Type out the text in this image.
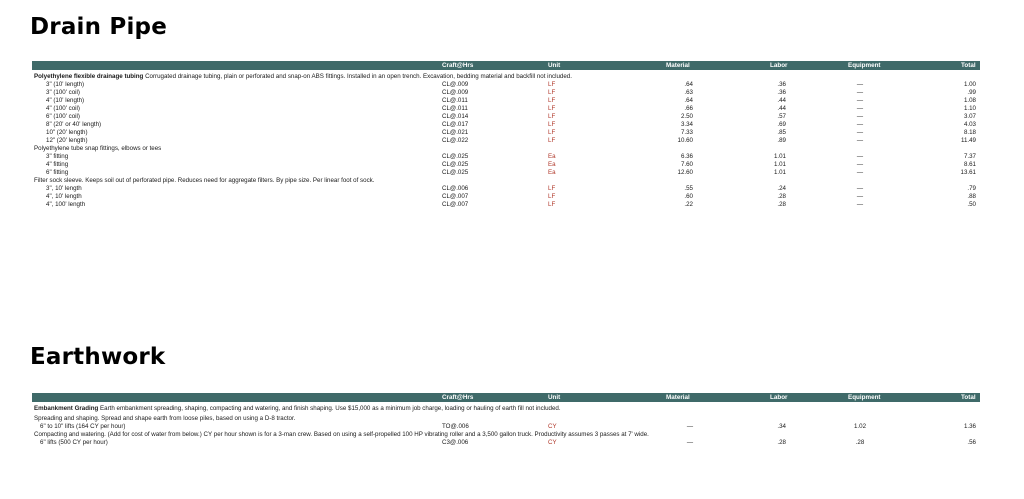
Drain Pipe
Craft@Hrs	Unit	Material	Labor	Equipment	Total
Polyethylene flexible drainage tubing Corrugated drainage tubing, plain or perforated and snap-on ABS fittings. Installed in an open trench. Excavation, bedding material and backfill not included.
3" (10' length)	CL@.009	LF	.64	.36	—	1.00
3" (100' coil)	CL@.009	LF	.63	.36	—	.99
4" (10' length)	CL@.011	LF	.64	.44	—	1.08
4" (100' coil)	CL@.011	LF	.66	.44	—	1.10
6" (100' coil)	CL@.014	LF	2.50	.57	—	3.07
8" (20' or 40' length)	CL@.017	LF	3.34	.69	—	4.03
10" (20' length)	CL@.021	LF	7.33	.85	—	8.18
12" (20' length)	CL@.022	LF	10.60	.89	—	11.49
Polyethylene tube snap fittings, elbows or tees
3" fitting	CL@.025	Ea	6.36	1.01	—	7.37
4" fitting	CL@.025	Ea	7.60	1.01	—	8.61
6" fitting	CL@.025	Ea	12.60	1.01	—	13.61
Filter sock sleeve. Keeps soil out of perforated pipe. Reduces need for aggregate filters. By pipe size. Per linear foot of sock.
3", 10' length	CL@.006	LF	.55	.24	—	.79
4", 10' length	CL@.007	LF	.60	.28	—	.88
4", 100' length	CL@.007	LF	.22	.28	—	.50
Earthwork
Craft@Hrs	Unit	Material	Labor	Equipment	Total
Embankment Grading Earth embankment spreading, shaping, compacting and watering, and finish shaping. Use $15,000 as a minimum job charge, loading or hauling of earth fill not included.
Spreading and shaping. Spread and shape earth from loose piles, based on using a D-8 tractor.
6" to 10" lifts (164 CY per hour)	TO@.006	CY	—	.34	1.02	1.36
Compacting and watering. (Add for cost of water from below.) CY per hour shown is for a 3-man crew. Based on using a self-propelled 100 HP vibrating roller and a 3,500 gallon truck. Productivity assumes 3 passes at 7' wide.
6" lifts (500 CY per hour)	C3@.006	CY	—	.28	.28	.56
